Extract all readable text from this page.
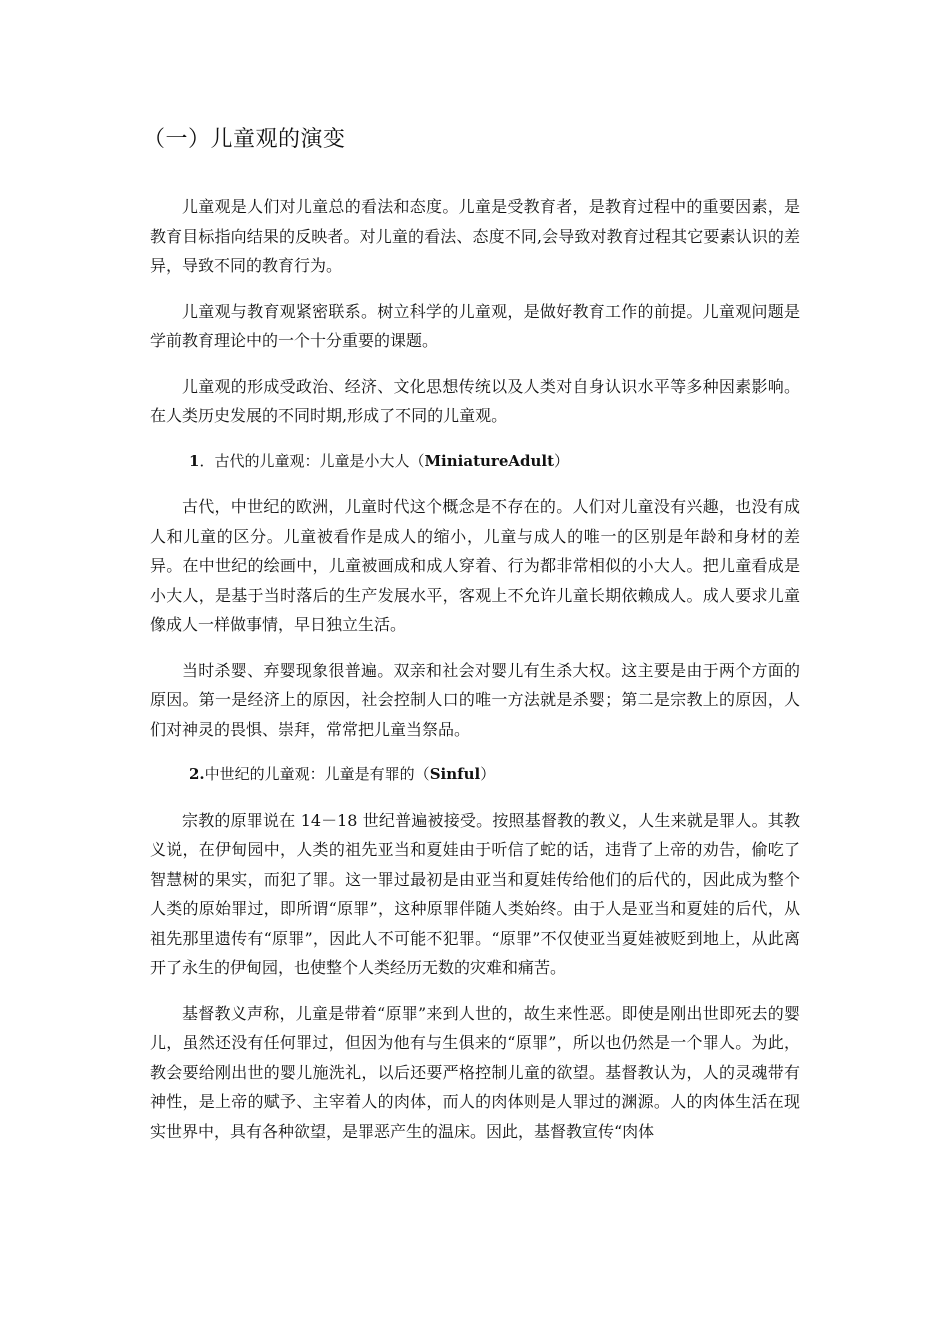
（一）儿童观的演变

儿童观是人们对儿童总的看法和态度。儿童是受教育者，是教育过程中的重要因素，是教育目标指向结果的反映者。对儿童的看法、态度不同,会导致对教育过程其它要素认识的差异，导致不同的教育行为。

儿童观与教育观紧密联系。树立科学的儿童观，是做好教育工作的前提。儿童观问题是学前教育理论中的一个十分重要的课题。

儿童观的形成受政治、经济、文化思想传统以及人类对自身认识水平等多种因素影响。在人类历史发展的不同时期,形成了不同的儿童观。

1．古代的儿童观：儿童是小大人（MiniatureAdult）

古代，中世纪的欧洲，儿童时代这个概念是不存在的。人们对儿童没有兴趣，也没有成人和儿童的区分。儿童被看作是成人的缩小，儿童与成人的唯一的区别是年龄和身材的差异。在中世纪的绘画中，儿童被画成和成人穿着、行为都非常相似的小大人。把儿童看成是小大人，是基于当时落后的生产发展水平，客观上不允许儿童长期依赖成人。成人要求儿童像成人一样做事情，早日独立生活。

当时杀婴、弃婴现象很普遍。双亲和社会对婴儿有生杀大权。这主要是由于两个方面的原因。第一是经济上的原因，社会控制人口的唯一方法就是杀婴；第二是宗教上的原因，人们对神灵的畏惧、崇拜，常常把儿童当祭品。

2.中世纪的儿童观：儿童是有罪的（Sinful）

宗教的原罪说在 14－18 世纪普遍被接受。按照基督教的教义，人生来就是罪人。其教义说，在伊甸园中，人类的祖先亚当和夏娃由于听信了蛇的话，违背了上帝的劝告，偷吃了智慧树的果实，而犯了罪。这一罪过最初是由亚当和夏娃传给他们的后代的，因此成为整个人类的原始罪过，即所谓“原罪”，这种原罪伴随人类始终。由于人是亚当和夏娃的后代，从祖先那里遗传有“原罪”，因此人不可能不犯罪。“原罪”不仅使亚当夏娃被贬到地上，从此离开了永生的伊甸园，也使整个人类经历无数的灾难和痛苦。

基督教义声称，儿童是带着“原罪”来到人世的，故生来性恶。即使是刚出世即死去的婴儿，虽然还没有任何罪过，但因为他有与生俱来的“原罪”，所以也仍然是一个罪人。为此，教会要给刚出世的婴儿施洗礼，以后还要严格控制儿童的欲望。基督教认为，人的灵魂带有神性，是上帝的赋予、主宰着人的肉体，而人的肉体则是人罪过的渊源。人的肉体生活在现实世界中，具有各种欲望，是罪恶产生的温床。因此，基督教宣传“肉体
